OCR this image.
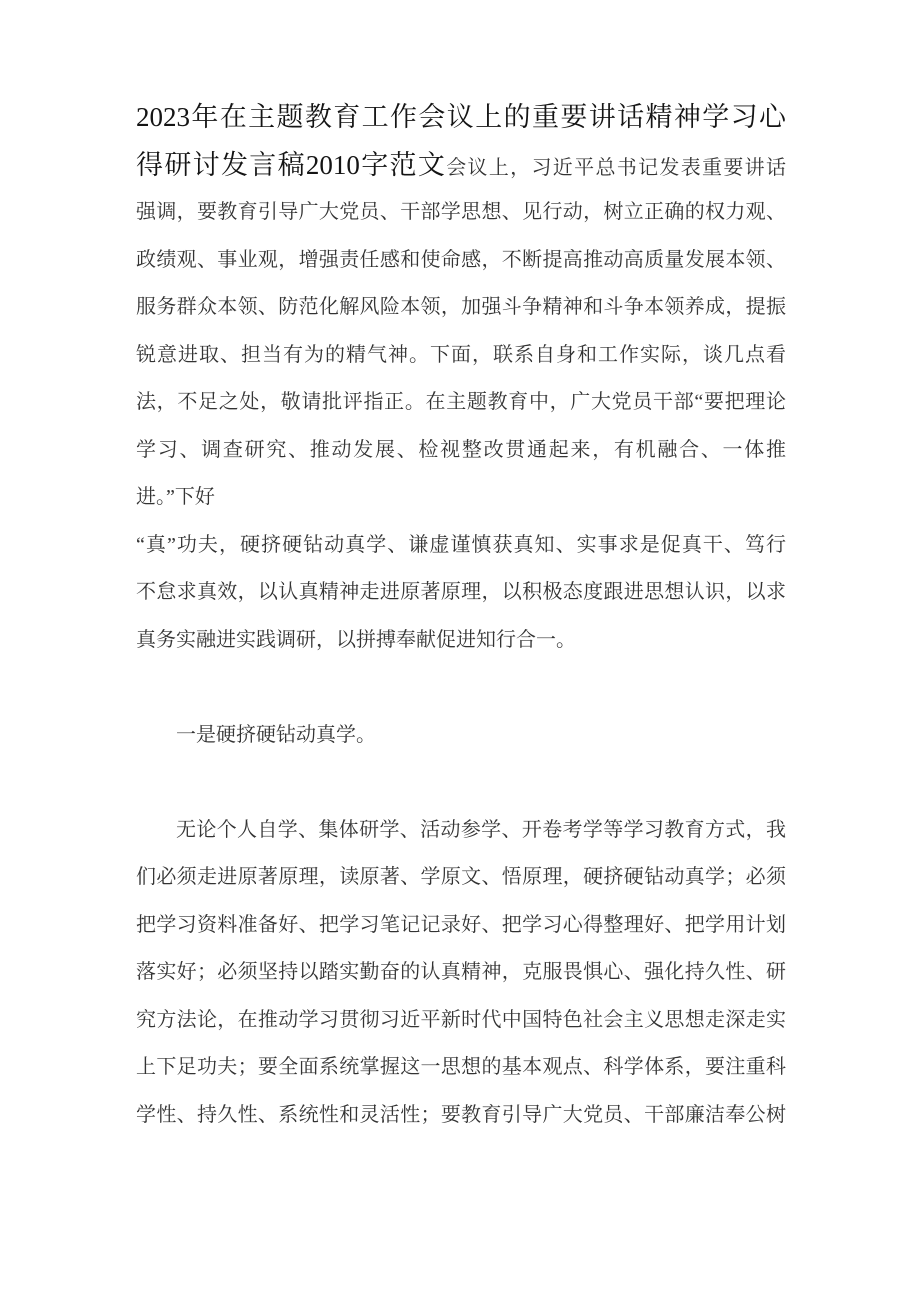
2023年在主题教育工作会议上的重要讲话精神学习心
得研讨发言稿2010字范文会议上，习近平总书记发表重要讲话
强调，要教育引导广大党员、干部学思想、见行动，树立正确的权力观、
政绩观、事业观，增强责任感和使命感，不断提高推动高质量发展本领、
服务群众本领、防范化解风险本领，加强斗争精神和斗争本领养成，提振
锐意进取、担当有为的精气神。下面，联系自身和工作实际，谈几点看
法，不足之处，敬请批评指正。在主题教育中，广大党员干部“要把理论
学习、调查研究、推动发展、检视整改贯通起来，有机融合、一体推
进。”下好
“真”功夫，硬挤硬钻动真学、谦虚谨慎获真知、实事求是促真干、笃行
不怠求真效，以认真精神走进原著原理，以积极态度跟进思想认识，以求
真务实融进实践调研，以拼搏奉献促进知行合一。
一是硬挤硬钻动真学。
无论个人自学、集体研学、活动参学、开卷考学等学习教育方式，我
们必须走进原著原理，读原著、学原文、悟原理，硬挤硬钻动真学；必须
把学习资料准备好、把学习笔记记录好、把学习心得整理好、把学用计划
落实好；必须坚持以踏实勤奋的认真精神，克服畏惧心、强化持久性、研
究方法论，在推动学习贯彻习近平新时代中国特色社会主义思想走深走实
上下足功夫；要全面系统掌握这一思想的基本观点、科学体系，要注重科
学性、持久性、系统性和灵活性；要教育引导广大党员、干部廉洁奉公树
